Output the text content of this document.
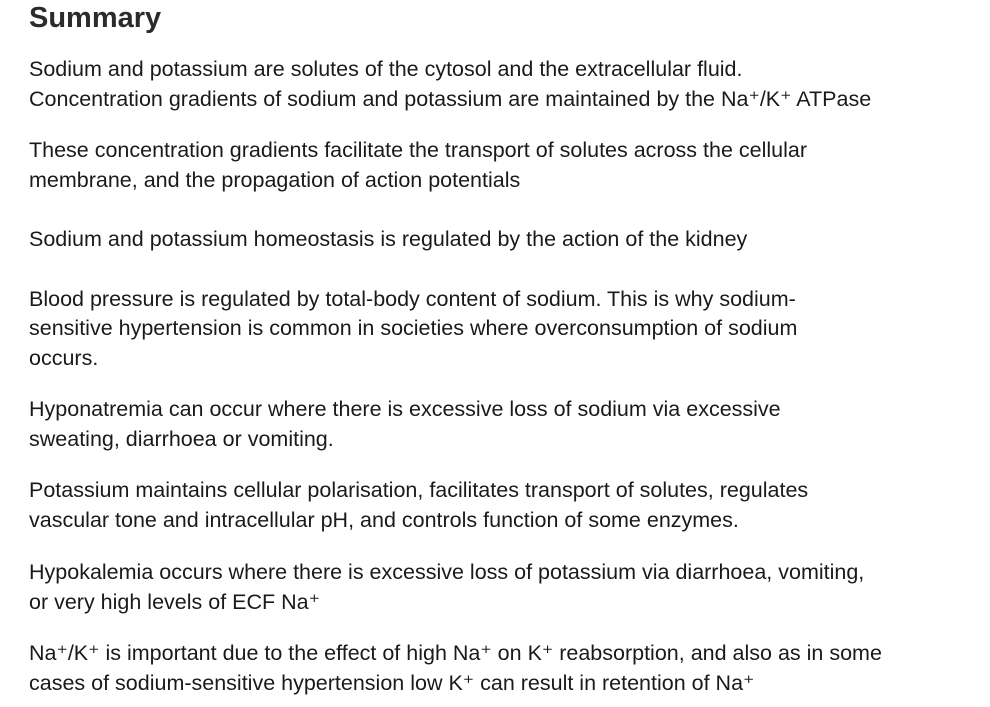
Summary

Sodium and potassium are solutes of the cytosol and the extracellular fluid.
Concentration gradients of sodium and potassium are maintained by the Na⁺/K⁺ ATPase

These concentration gradients facilitate the transport of solutes across the cellular
membrane, and the propagation of action potentials

Sodium and potassium homeostasis is regulated by the action of the kidney

Blood pressure is regulated by total-body content of sodium. This is why sodium-
sensitive hypertension is common in societies where overconsumption of sodium
occurs.

Hyponatremia can occur where there is excessive loss of sodium via excessive
sweating, diarrhoea or vomiting.

Potassium maintains cellular polarisation, facilitates transport of solutes, regulates
vascular tone and intracellular pH, and controls function of some enzymes.

Hypokalemia occurs where there is excessive loss of potassium via diarrhoea, vomiting,
or very high levels of ECF Na⁺

Na⁺/K⁺ is important due to the effect of high Na⁺ on K⁺ reabsorption, and also as in some
cases of sodium-sensitive hypertension low K⁺ can result in retention of Na⁺
